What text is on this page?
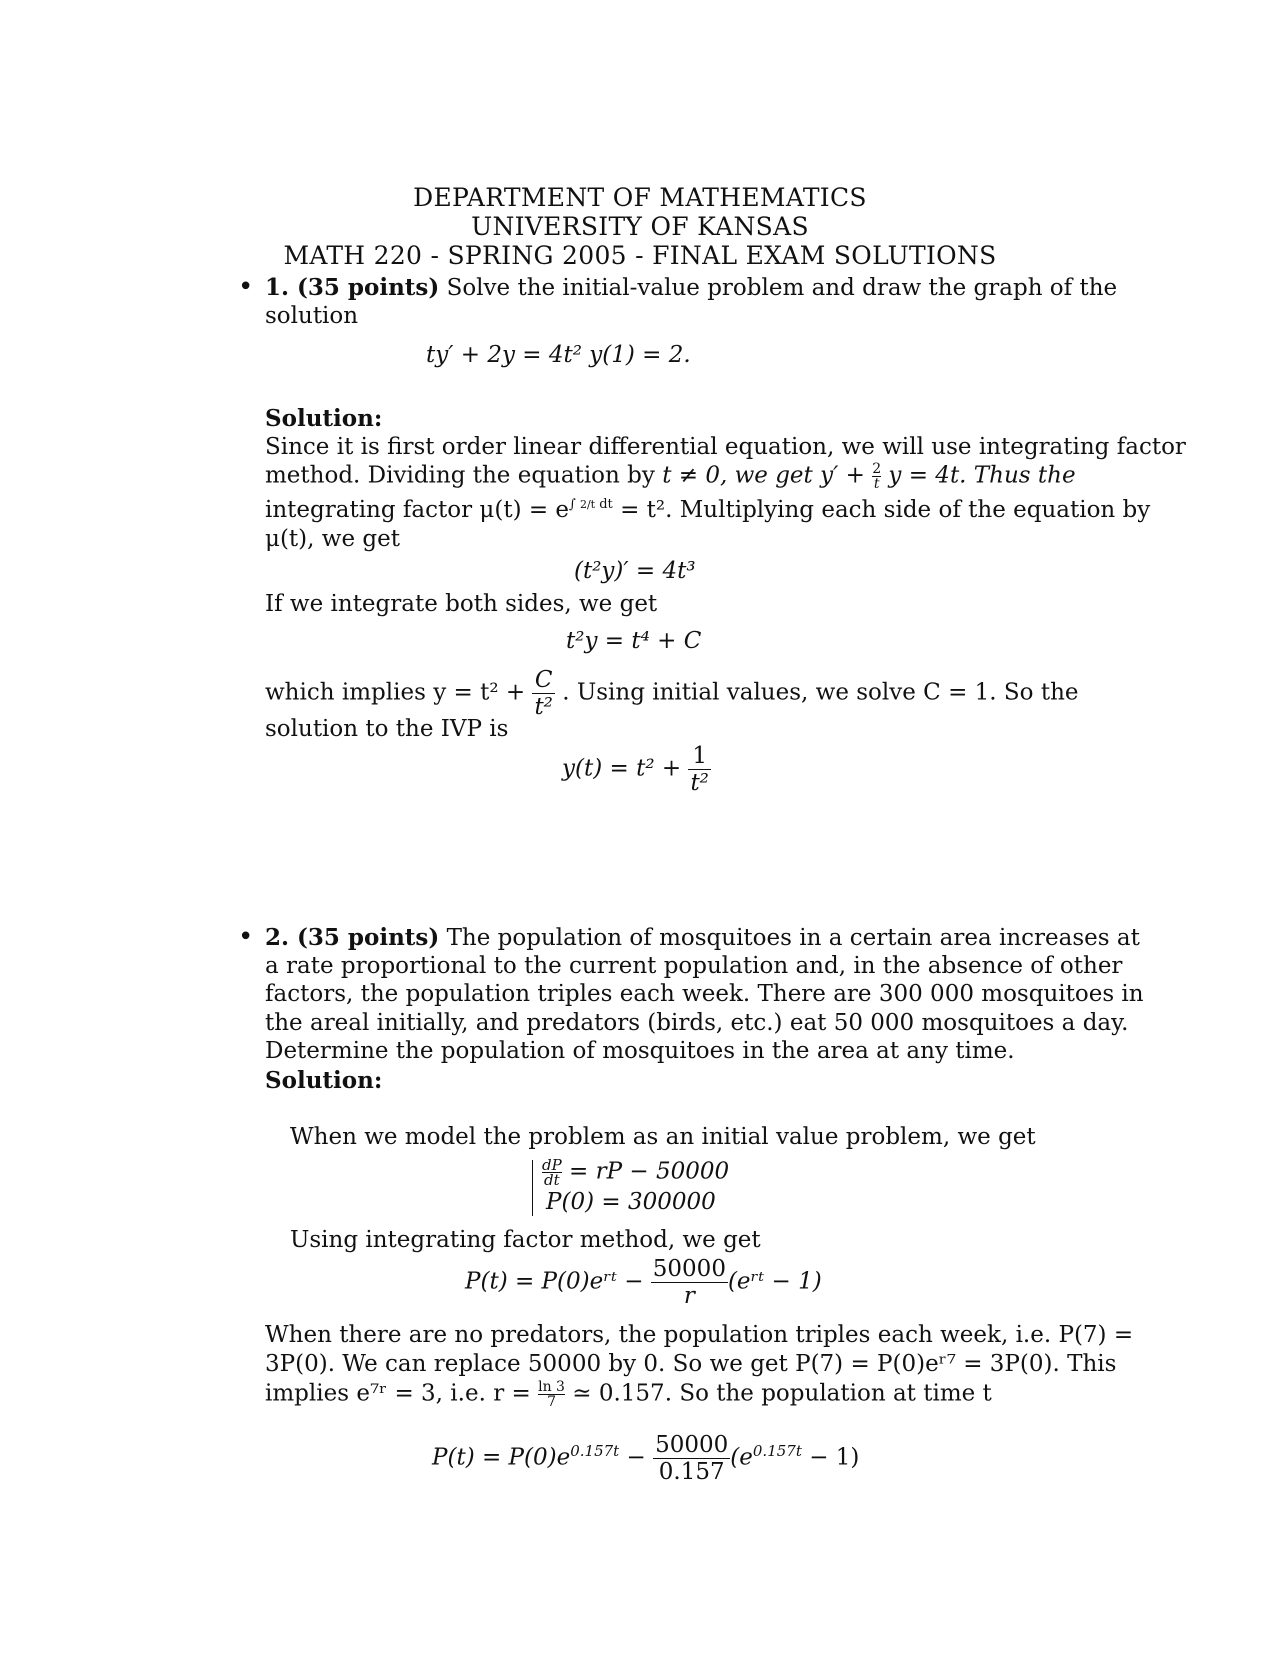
DEPARTMENT OF MATHEMATICS
UNIVERSITY OF KANSAS
MATH 220 - SPRING 2005 - FINAL EXAM SOLUTIONS
• 1. (35 points) Solve the initial-value problem and draw the graph of the
solution
ty′ + 2y = 4t² y(1) = 2.
Solution:
Since it is first order linear differential equation, we will use integrating factor
method. Dividing the equation by t ≠ 0, we get $y' + \frac{2}{t}$ y = 4t. Thus the
integrating factor $\mu(t) = e^{\int 2/t dt} = t^2$. Multiplying each side of the equation by
μ(t), we get
(t²y)′ = 4t³
If we integrate both sides, we get
t²y = t⁴ + C
which implies $y = t^2 + \frac{C}{\text{t²}}$ . Using initial values, we solve C = 1. So the
solution to the IVP is
$y(t) = t^2 + \frac{1}{\text{t²}}$
• 2. (35 points) The population of mosquitoes in a certain area increases at
a rate proportional to the current population and, in the absence of other
factors, the population triples each week. There are 300 000 mosquitoes in
the areal initially, and predators (birds, etc.) eat 50 000 mosquitoes a day.
Determine the population of mosquitoes in the area at any time.
Solution:
When we model the problem as an initial value problem, we get
$\frac{dP}{dt}$ = rP − 50000
P(0) = 300000
Using integrating factor method, we get
P(t) = P(0)eʳᵗ − $\frac{50000}{r}$ (eʳᵗ − 1)
When there are no predators, the population triples each week, i.e. P(7) =
3P(0). We can replace 50000 by 0. So we get P(7) = P(0)eʳ⁷ = 3P(0). This
implies e⁷ʳ = 3, i.e. $r = \frac{\ln 3}{7}$ ≃ 0.157. So the population at time t
$P(t) = P(0)e^{0.157t} - \frac{50000}{0.157} (e^{0.157t} - 1)$
